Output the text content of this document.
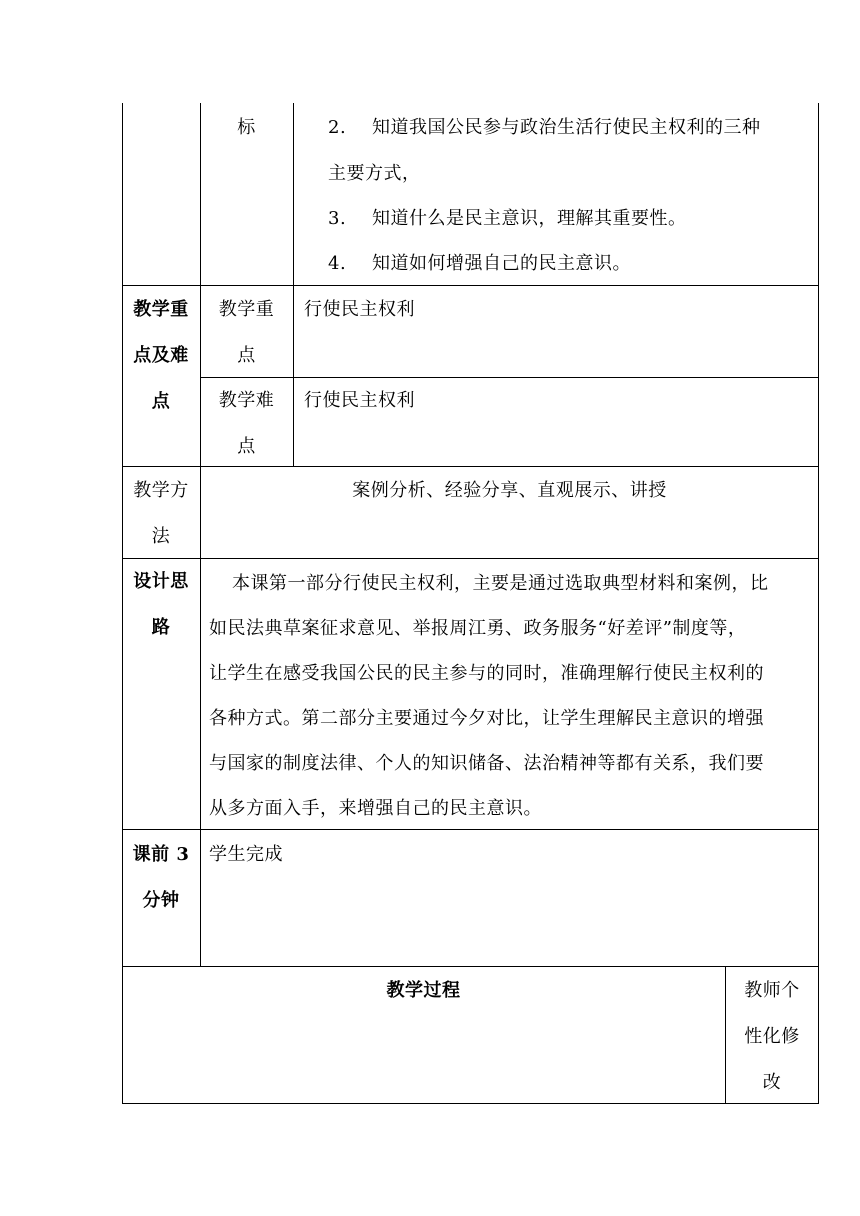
标	2. 知道我国公民参与政治生活行使民主权利的三种
主要方式，
3. 知道什么是民主意识，理解其重要性。
4. 知道如何增强自己的民主意识。
教学重
点及难
点
教学重
点
行使民主权利
教学难
点
行使民主权利
教学方
法
案例分析、经验分享、直观展示、讲授
设计思
路
本课第一部分行使民主权利，主要是通过选取典型材料和案例，比
如民法典草案征求意见、举报周江勇、政务服务“好差评”制度等，
让学生在感受我国公民的民主参与的同时，准确理解行使民主权利的
各种方式。第二部分主要通过今夕对比，让学生理解民主意识的增强
与国家的制度法律、个人的知识储备、法治精神等都有关系，我们要
从多方面入手，来增强自己的民主意识。
课前 3
分钟
学生完成
教学过程	教师个
性化修
改
